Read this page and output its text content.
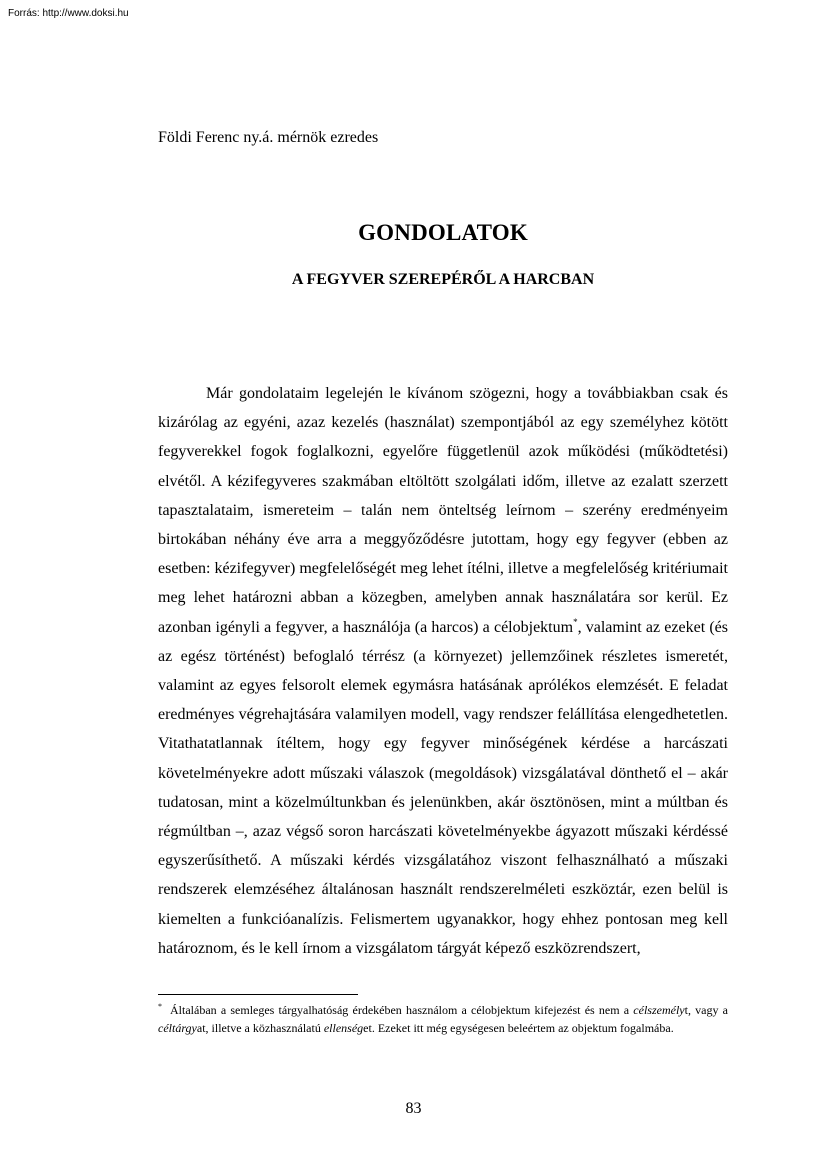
Forrás: http://www.doksi.hu
Földi Ferenc ny.á. mérnök ezredes
GONDOLATOK
A FEGYVER SZEREPÉRŐL A HARCBAN

Már gondolataim legelején le kívánom szögezni, hogy a továbbiakban csak és kizárólag az egyéni, azaz kezelés (használat) szempontjából az egy személyhez kötött fegyverekkel fogok foglalkozni, egyelőre függetlenül azok működési (működtetési) elvétől. A kézifegyveres szakmában eltöltött szolgálati időm, illetve az ezalatt szerzett tapasztalataim, ismereteim – talán nem önteltség leírnom – szerény eredményeim birtokában néhány éve arra a meggyőződésre jutottam, hogy egy fegyver (ebben az esetben: kézifegyver) megfelelőségét meg lehet ítélni, illetve a megfelelőség kritériumait meg lehet határozni abban a közegben, amelyben annak használatára sor kerül. Ez azonban igényli a fegyver, a használója (a harcos) a célobjektum*, valamint az ezeket (és az egész történést) befoglaló térrész (a környezet) jellemzőinek részletes ismeretét, valamint az egyes felsorolt elemek egymásra hatásának aprólékos elemzését. E feladat eredményes végrehajtására valamilyen modell, vagy rendszer felállítása elengedhetetlen. Vitathatatlannak ítéltem, hogy egy fegyver minőségének kérdése a harcászati követelményekre adott műszaki válaszok (megoldások) vizsgálatával dönthető el – akár tudatosan, mint a közelmúltunkban és jelenünkben, akár ösztönösen, mint a múltban és régmúltban –, azaz végső soron harcászati követelményekbe ágyazott műszaki kérdéssé egyszerűsíthető. A műszaki kérdés vizsgálatához viszont felhasználható a műszaki rendszerek elemzéséhez általánosan használt rendszerelméleti eszköztár, ezen belül is kiemelten a funkcióanalízis. Felismertem ugyanakkor, hogy ehhez pontosan meg kell határoznom, és le kell írnom a vizsgálatom tárgyát képező eszközrendszert,

* Általában a semleges tárgyalhatóság érdekében használom a célobjektum kifejezést és nem a célszemélyt, vagy a céltárgyat, illetve a közhasználatú ellenséget. Ezeket itt még egységesen beleértem az objektum fogalmába.

83
